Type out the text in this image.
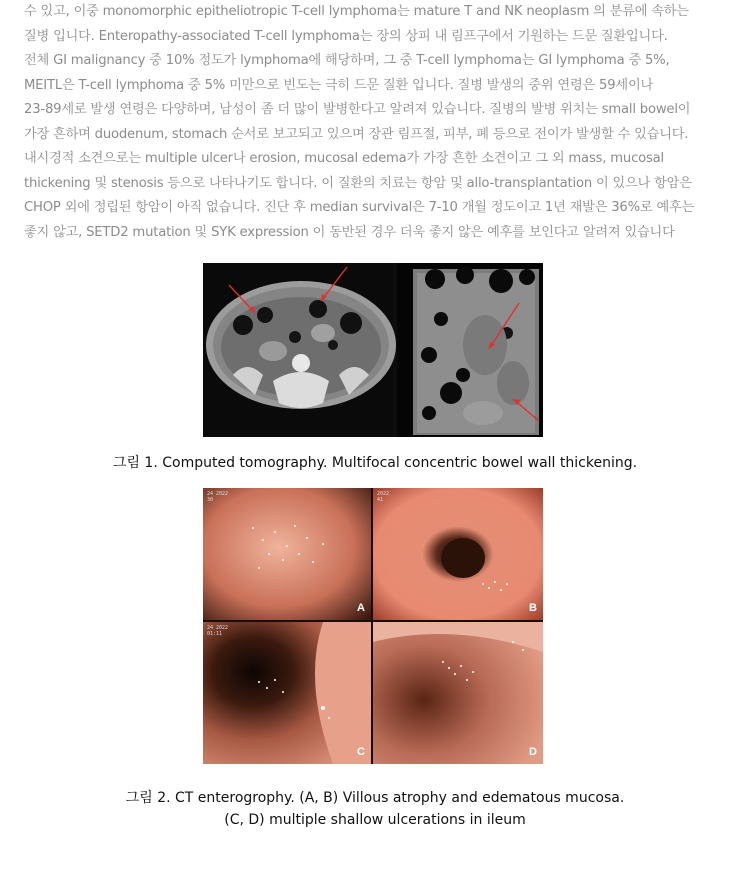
수 있고, 이중 monomorphic epitheliotropic T-cell lymphoma는 mature T and NK neoplasm 의 분류에 속하는

질병 입니다. Enteropathy-associated T-cell lymphoma는 장의 상피 내 림프구에서 기원하는 드문 질환입니다.

전체 GI malignancy 중 10% 정도가 lymphoma에 해당하며, 그 중 T-cell lymphoma는 GI lymphoma 중 5%,

MEITL은 T-cell lymphoma 중 5% 미만으로 빈도는 극히 드문 질환 입니다. 질병 발생의 중위 연령은 59세이나

23-89세로 발생 연령은 다양하며, 남성이 좀 더 많이 발병한다고 알려져 있습니다. 질병의 발병 위치는 small bowel이

가장 흔하며 duodenum, stomach 순서로 보고되고 있으며 장관 림프절, 피부, 폐 등으로 전이가 발생할 수 있습니다.

내시경적 소견으로는 multiple ulcer나 erosion, mucosal edema가 가장 흔한 소견이고 그 외 mass, mucosal

thickening 및 stenosis 등으로 나타나기도 합니다. 이 질환의 치료는 항암 및 allo-transplantation 이 있으나 항암은

CHOP 외에 정립된 항암이 아직 없습니다. 진단 후 median survival은 7-10 개월 정도이고 1년 재발은 36%로 예후는

좋지 않고, SETD2 mutation 및 SYK expression 이 동반된 경우 더욱 좋지 않은 예후를 보인다고 알려져 있습니다

그림 1. Computed tomography. Multifocal concentric bowel wall thickening.
24 2022
30
A
2022
41
B
24 2022
01:11
C	D
그림 2. CT enterogrophy. (A, B) Villous atrophy and edematous mucosa.
(C, D) multiple shallow ulcerations in ileum
